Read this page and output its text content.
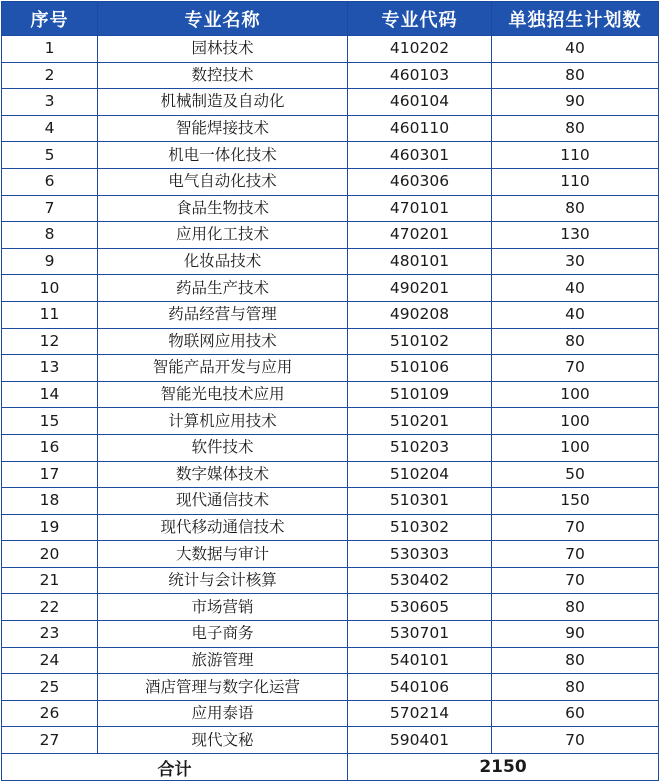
序号	专业名称	专业代码	单独招生计划数
1	园林技术	410202	40
2	数控技术	460103	80
3	机械制造及自动化	460104	90
4	智能焊接技术	460110	80
5	机电一体化技术	460301	110
6	电气自动化技术	460306	110
7	食品生物技术	470101	80
8	应用化工技术	470201	130
9	化妆品技术	480101	30
10	药品生产技术	490201	40
11	药品经营与管理	490208	40
12	物联网应用技术	510102	80
13	智能产品开发与应用	510106	70
14	智能光电技术应用	510109	100
15	计算机应用技术	510201	100
16	软件技术	510203	100
17	数字媒体技术	510204	50
18	现代通信技术	510301	150
19	现代移动通信技术	510302	70
20	大数据与审计	530303	70
21	统计与会计核算	530402	70
22	市场营销	530605	80
23	电子商务	530701	90
24	旅游管理	540101	80
25	酒店管理与数字化运营	540106	80
26	应用泰语	570214	60
27	现代文秘	590401	70
合计		2150	
